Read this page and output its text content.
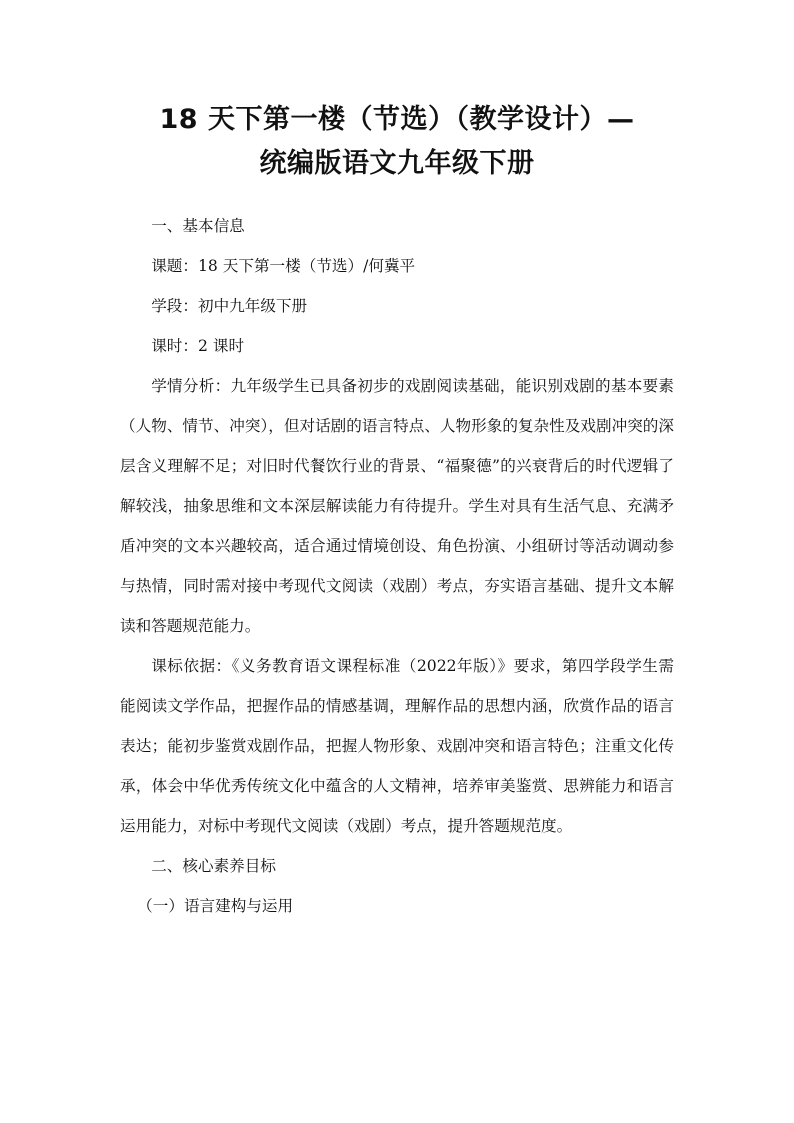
18 天下第一楼（节选）（教学设计）—
统编版语文九年级下册

一、基本信息

课题：18 天下第一楼（节选）/何冀平

学段：初中九年级下册

课时：2 课时

学情分析：九年级学生已具备初步的戏剧阅读基础，能识别戏剧的基本要素（人物、情节、冲突），但对话剧的语言特点、人物形象的复杂性及戏剧冲突的深层含义理解不足；对旧时代餐饮行业的背景、“福聚德”的兴衰背后的时代逻辑了解较浅，抽象思维和文本深层解读能力有待提升。学生对具有生活气息、充满矛盾冲突的文本兴趣较高，适合通过情境创设、角色扮演、小组研讨等活动调动参与热情，同时需对接中考现代文阅读（戏剧）考点，夯实语言基础、提升文本解读和答题规范能力。

课标依据：《义务教育语文课程标准（2022年版）》要求，第四学段学生需能阅读文学作品，把握作品的情感基调，理解作品的思想内涵，欣赏作品的语言表达；能初步鉴赏戏剧作品，把握人物形象、戏剧冲突和语言特色；注重文化传承，体会中华优秀传统文化中蕴含的人文精神，培养审美鉴赏、思辨能力和语言运用能力，对标中考现代文阅读（戏剧）考点，提升答题规范度。

二、核心素养目标

（一）语言建构与运用
